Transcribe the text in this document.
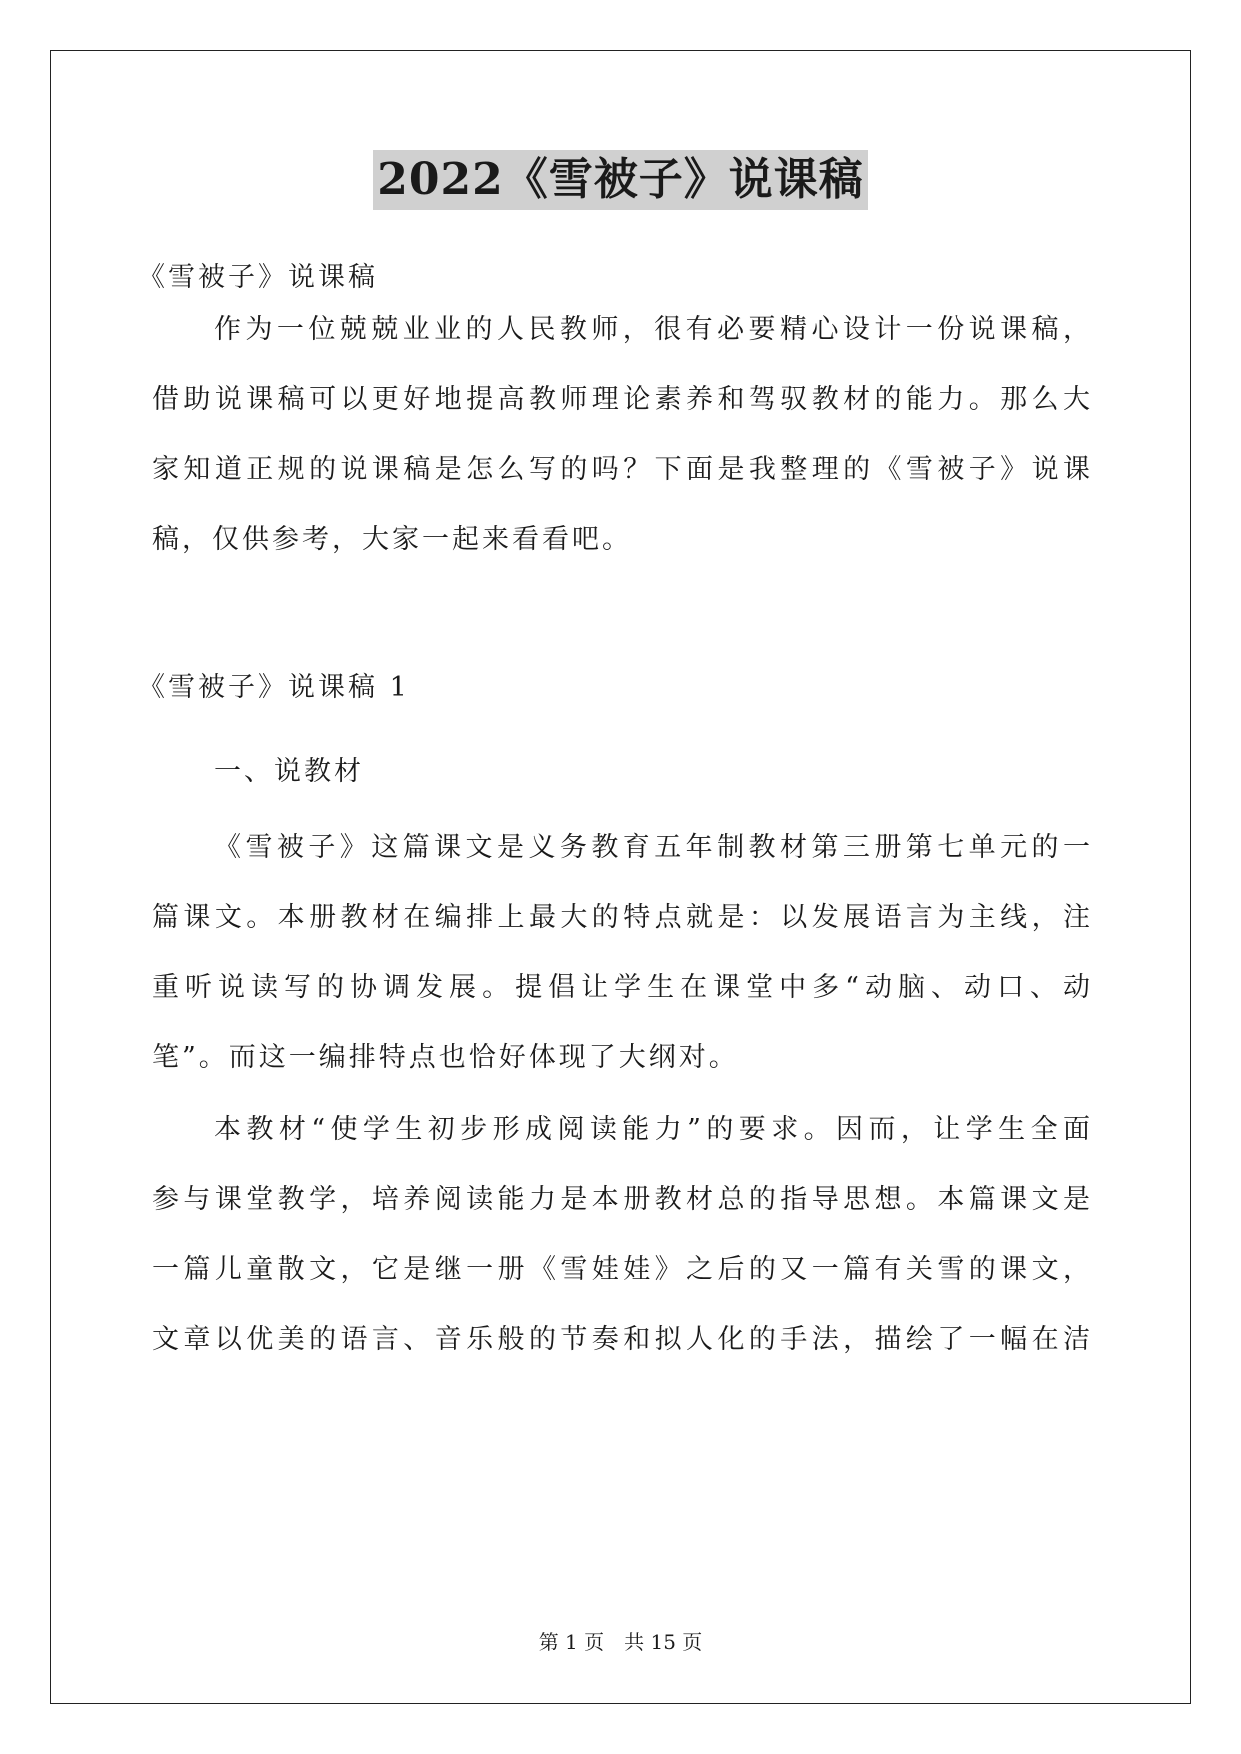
2022《雪被子》说课稿
《雪被子》说课稿
作为一位兢兢业业的人民教师，很有必要精心设计一份说课稿，
借助说课稿可以更好地提高教师理论素养和驾驭教材的能力。那么大
家知道正规的说课稿是怎么写的吗？下面是我整理的《雪被子》说课
稿，仅供参考，大家一起来看看吧。
《雪被子》说课稿 1
一、说教材
《雪被子》这篇课文是义务教育五年制教材第三册第七单元的一
篇课文。本册教材在编排上最大的特点就是：以发展语言为主线，注
重听说读写的协调发展。提倡让学生在课堂中多“动脑、动口、动
笔”。而这一编排特点也恰好体现了大纲对。
本教材“使学生初步形成阅读能力”的要求。因而，让学生全面
参与课堂教学，培养阅读能力是本册教材总的指导思想。本篇课文是
一篇儿童散文，它是继一册《雪娃娃》之后的又一篇有关雪的课文，
文章以优美的语言、音乐般的节奏和拟人化的手法，描绘了一幅在洁
第 1 页　共 15 页
